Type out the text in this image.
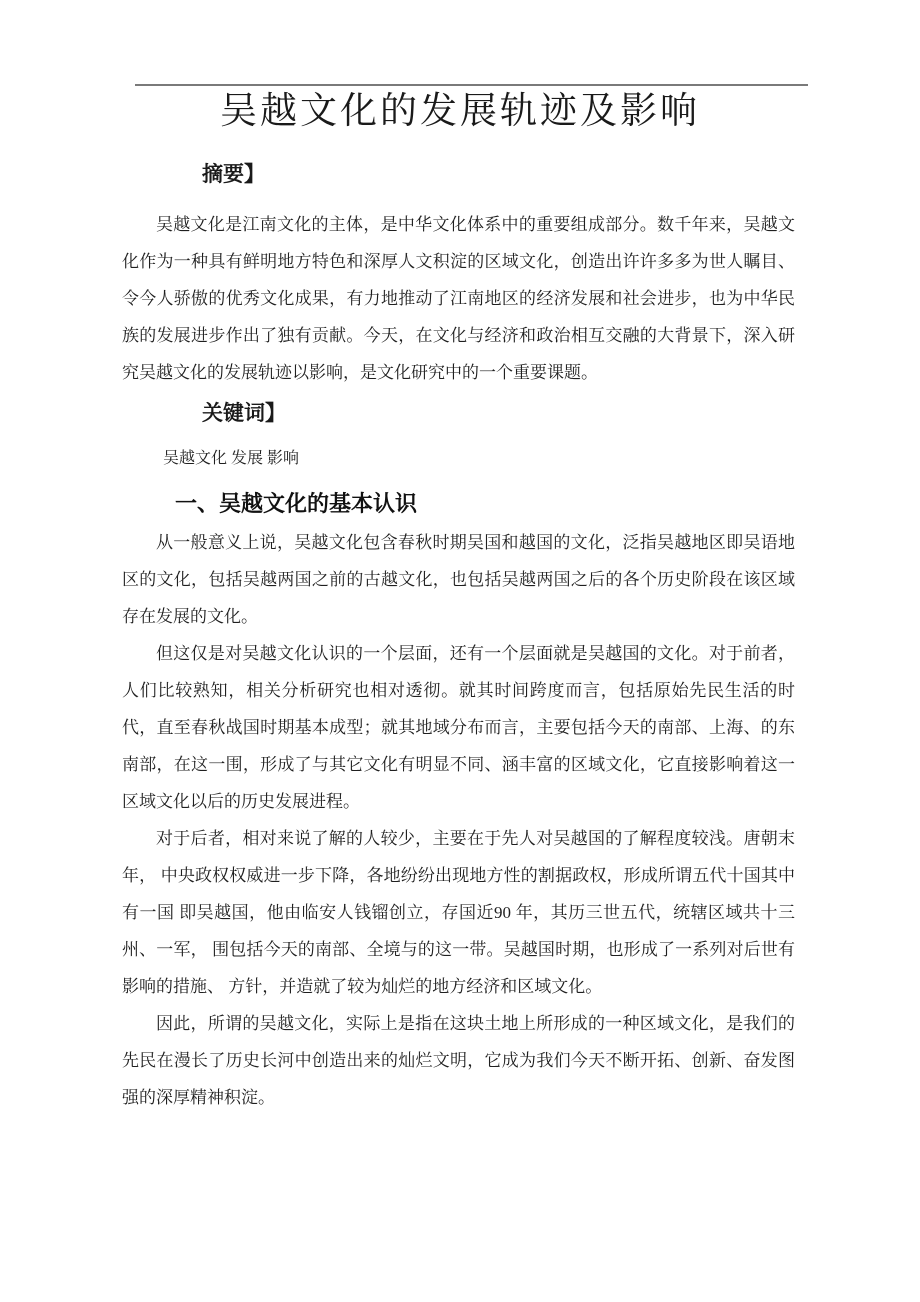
吴越文化的发展轨迹及影响
摘要】

吴越文化是江南文化的主体，是中华文化体系中的重要组成部分。数千年来，吴越文化作为一种具有鲜明地方特色和深厚人文积淀的区域文化，创造出许许多多为世人瞩目、令今人骄傲的优秀文化成果，有力地推动了江南地区的经济发展和社会进步，也为中华民族的发展进步作出了独有贡献。今天，在文化与经济和政治相互交融的大背景下，深入研究吴越文化的发展轨迹以影响，是文化研究中的一个重要课题。

关键词】

吴越文化 发展 影响

一、吴越文化的基本认识

从一般意义上说，吴越文化包含春秋时期吴国和越国的文化，泛指吴越地区即吴语地区的文化，包括吴越两国之前的古越文化，也包括吴越两国之后的各个历史阶段在该区域存在发展的文化。

但这仅是对吴越文化认识的一个层面，还有一个层面就是吴越国的文化。对于前者，人们比较熟知，相关分析研究也相对透彻。就其时间跨度而言，包括原始先民生活的时代，直至春秋战国时期基本成型；就其地域分布而言，主要包括今天的南部、上海、的东南部，在这一围，形成了与其它文化有明显不同、涵丰富的区域文化，它直接影响着这一区域文化以后的历史发展进程。

对于后者，相对来说了解的人较少，主要在于先人对吴越国的了解程度较浅。唐朝末年， 中央政权权威进一步下降，各地纷纷出现地方性的割据政权，形成所谓五代十国其中有一国 即吴越国，他由临安人钱镏创立，存国近90 年，其历三世五代，统辖区域共十三州、一军， 围包括今天的南部、全境与的这一带。吴越国时期，也形成了一系列对后世有影响的措施、 方针，并造就了较为灿烂的地方经济和区域文化。

因此，所谓的吴越文化，实际上是指在这块土地上所形成的一种区域文化，是我们的先民在漫长了历史长河中创造出来的灿烂文明，它成为我们今天不断开拓、创新、奋发图强的深厚精神积淀。
